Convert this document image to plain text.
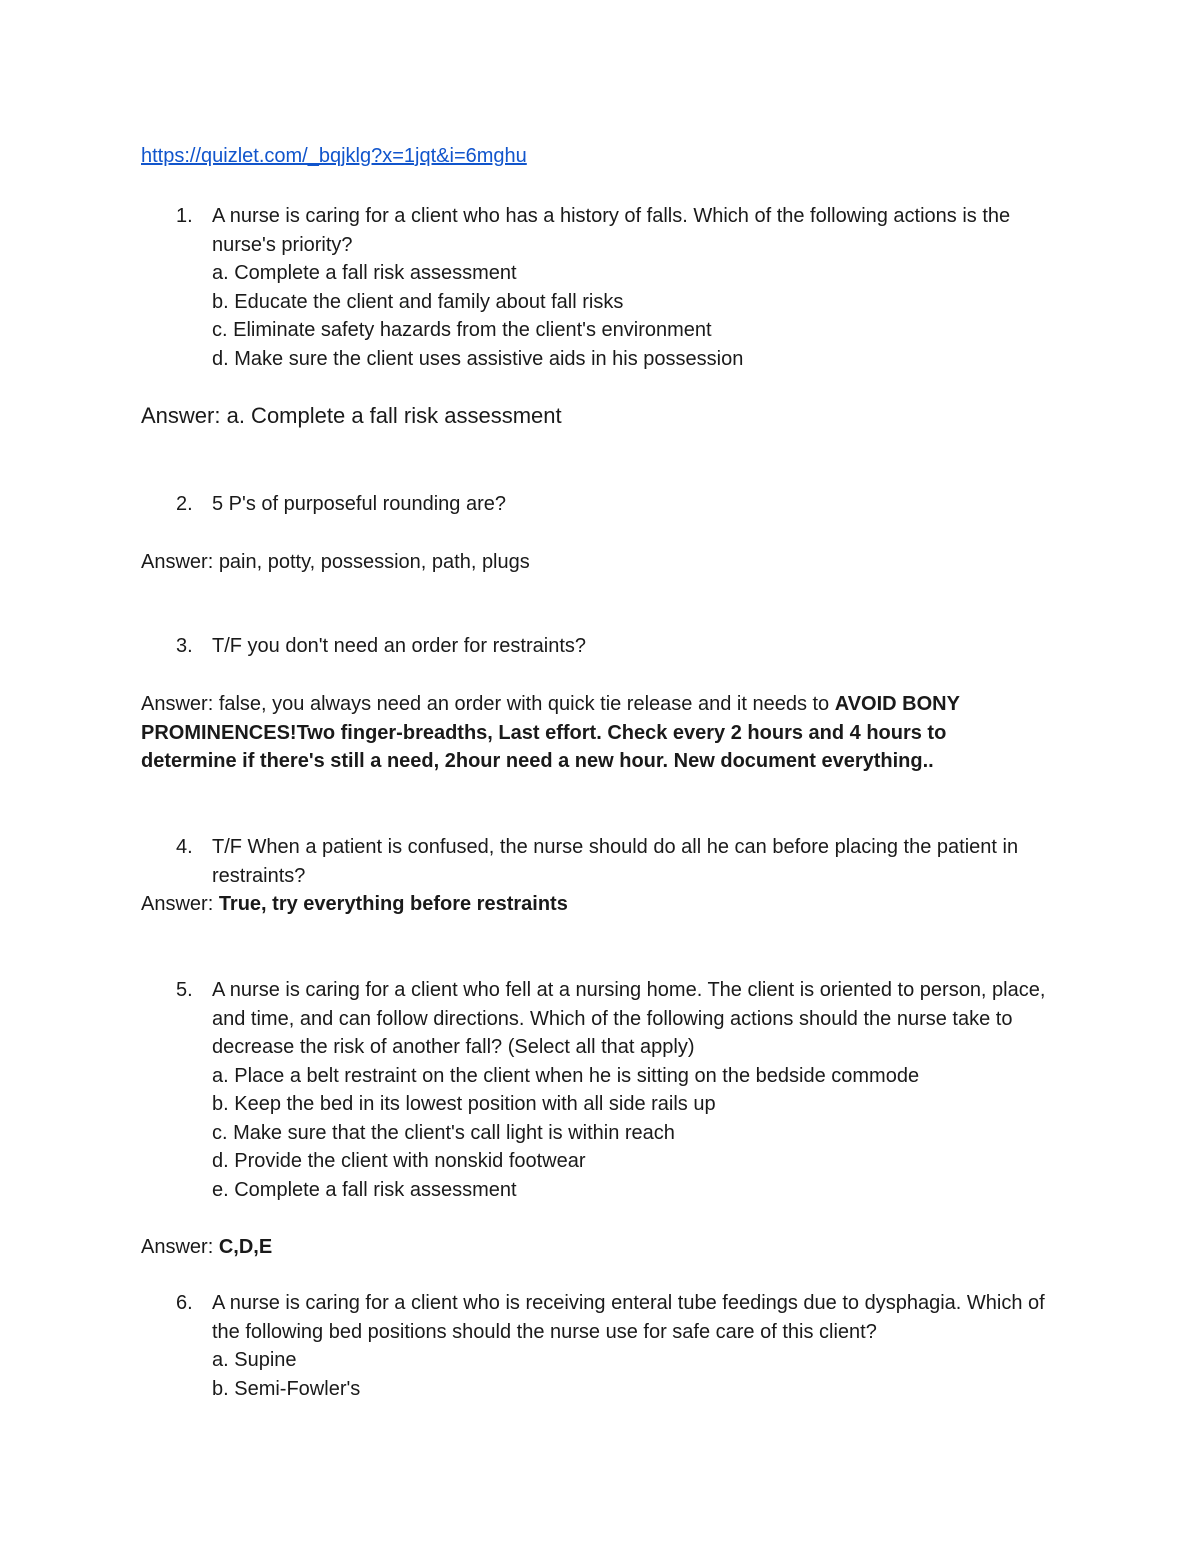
https://quizlet.com/_bqjklg?x=1jqt&i=6mghu
1. A nurse is caring for a client who has a history of falls. Which of the following actions is the nurse's priority?
a. Complete a fall risk assessment
b. Educate the client and family about fall risks
c. Eliminate safety hazards from the client's environment
d. Make sure the client uses assistive aids in his possession
Answer: a. Complete a fall risk assessment
2. 5 P's of purposeful rounding are?
Answer: pain, potty, possession, path, plugs
3. T/F you don't need an order for restraints?
Answer: false, you always need an order with quick tie release and it needs to AVOID BONY PROMINENCES!Two finger-breadths, Last effort. Check every 2 hours and 4 hours to determine if there's still a need, 2hour need a new hour. New document everything..
4. T/F When a patient is confused, the nurse should do all he can before placing the patient in restraints?
Answer: True, try everything before restraints
5. A nurse is caring for a client who fell at a nursing home. The client is oriented to person, place, and time, and can follow directions. Which of the following actions should the nurse take to decrease the risk of another fall? (Select all that apply)
a. Place a belt restraint on the client when he is sitting on the bedside commode
b. Keep the bed in its lowest position with all side rails up
c. Make sure that the client's call light is within reach
d. Provide the client with nonskid footwear
e. Complete a fall risk assessment
Answer: C,D,E
6. A nurse is caring for a client who is receiving enteral tube feedings due to dysphagia. Which of the following bed positions should the nurse use for safe care of this client?
a. Supine
b. Semi-Fowler's
